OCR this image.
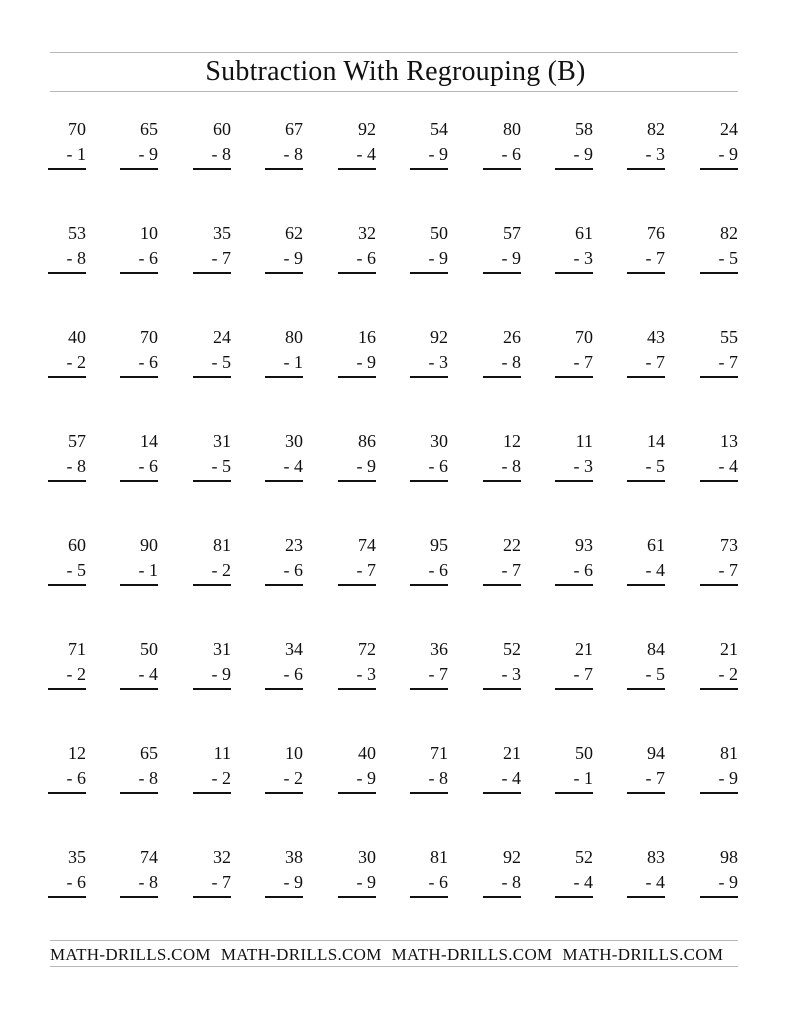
Subtraction With Regrouping (B)
70
- 1
65
- 9
60
- 8
67
- 8
92
- 4
54
- 9
80
- 6
58
- 9
82
- 3
24
- 9
53
- 8
10
- 6
35
- 7
62
- 9
32
- 6
50
- 9
57
- 9
61
- 3
76
- 7
82
- 5
40
- 2
70
- 6
24
- 5
80
- 1
16
- 9
92
- 3
26
- 8
70
- 7
43
- 7
55
- 7
57
- 8
14
- 6
31
- 5
30
- 4
86
- 9
30
- 6
12
- 8
11
- 3
14
- 5
13
- 4
60
- 5
90
- 1
81
- 2
23
- 6
74
- 7
95
- 6
22
- 7
93
- 6
61
- 4
73
- 7
71
- 2
50
- 4
31
- 9
34
- 6
72
- 3
36
- 7
52
- 3
21
- 7
84
- 5
21
- 2
12
- 6
65
- 8
11
- 2
10
- 2
40
- 9
71
- 8
21
- 4
50
- 1
94
- 7
81
- 9
35
- 6
74
- 8
32
- 7
38
- 9
30
- 9
81
- 6
92
- 8
52
- 4
83
- 4
98
- 9
MATH-DRILLS.COM MATH-DRILLS.COM MATH-DRILLS.COM MATH-DRILLS.COM
